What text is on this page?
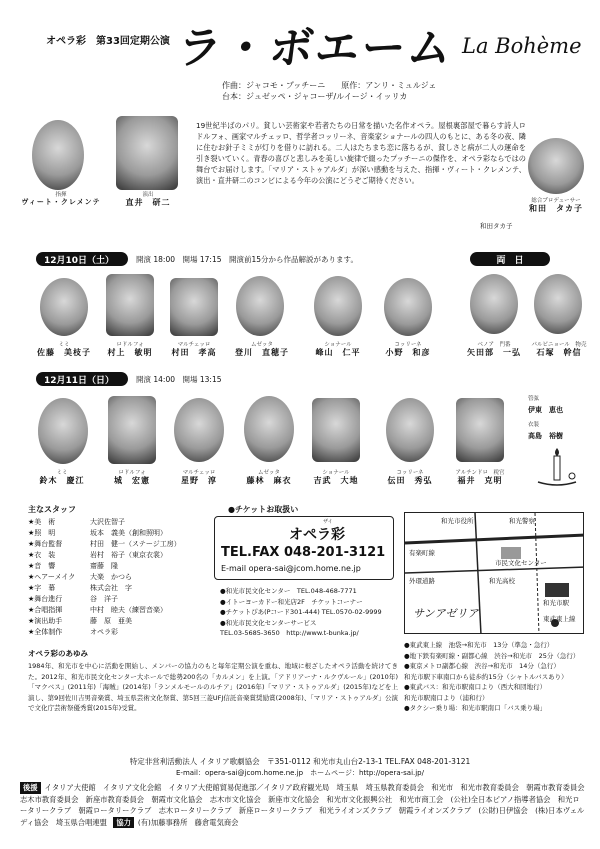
オペラ彩　第33回定期公演 ラ・ボエーム La Bohème
作曲：ジャコモ・プッチーニ　　原作：アンリ・ミュルジェ
台本：ジュゼッペ・ジャコーザ/ルイージ・イッリカ
指揮
ヴィート・クレメンテ
演出
直井　研二
19世紀半ばのパリ。貧しい芸術家や若者たちの日常を描いた名作オペラ。屋根裏部屋で暮らす詩人ロドルフォ、画家マルチェッロ、哲学者コッリーネ、音楽家ショナールの四人のもとに、ある冬の夜、隣に住むお針子ミミが灯りを借りに訪れる。二人はたちまち恋に落ちるが、貧しさと病が二人の運命を引き裂いていく。青春の喜びと悲しみを美しい旋律で綴ったプッチーニの傑作を、オペラ彩ならではの舞台でお届けします。「マリア・ストゥアルダ」が深い感動を与えた、指揮・ヴィート・クレメンテ、演出・直井研二のコンビによる今年の公演にどうぞご期待ください。
和田タカ子
総合プロデューサー
和田　タカ子
12月10日（土）	開演 18:00　開場 17:15　開演前15分から作品解説があります。	両　日
ミミ
佐藤　美枝子
ロドルフォ
村上　敏明
マルチェッロ
村田　孝高
ムゼッタ
登川　直穂子
ショナール
峰山　仁平
コッリーネ
小野　和彦
ベノア　門番
矢田部　一弘
パルピニョール　物売
石塚　幹信
12月11日（日）	開演 14:00　開場 13:15
ミミ
鈴木　慶江
ロドルフォ
城　宏憲
マルチェッロ
星野　淳
ムゼッタ
藤林　麻衣
ショナール
吉武　大地
コッリーネ
伝田　秀弘
アルチンドロ　税官
福井　克明
管弦
伊東　恵也
衣装
高島　裕樹
主なスタッフ
★美　術	大沢佐智子
★照　明	坂本　義美（創和照明）
★舞台監督	村田　健一（ステージ工房）
★衣　装	岩村　裕子（東京衣裳）
★音　響	齋藤　隆
★ヘアーメイク	大楽　かつら
★字　幕	株式会社　字
★舞台進行	谷　洋子
★合唱指揮	中村　睦夫（練習音楽）
★演出助手	藤　原　亜美
★全体制作	オペラ彩
●チケットお取扱い
ザイ
オペラ彩
TEL.FAX 048-201-3121
E-mail opera-sai@jcom.home.ne.jp
●和光市民文化センター　TEL.048-468-7771
●イトーヨーカドー和光店2F　チケットコーナー
●チケットぴあ(Pコード301-444) TEL.0570-02-9999
●和光市民文化センターサービス
TEL.03-5685-3650　http://www.t-bunka.jp/
和光市役所	和光警察
市民文化センター
和光市駅
外環道路	和光高校
東武東上線
有楽町線
サンアゼリア
●東武東上線　池袋→和光市　13分（準急・急行）
●地下鉄有楽町線・副都心線　渋谷→和光市　25分（急行）
●東京メトロ副都心線　渋谷→和光市　14分（急行）
和光市駅下車南口から徒歩約15分（シャトルバスあり）
●東武バス：和光市駅南口より（西大和団地行）
和光市駅南口より（浦和行）
●タクシー乗り場：和光市駅南口「バス乗り場」
オペラ彩のあゆみ
1984年、和光市を中心に活動を開始し、メンバーの協力のもと毎年定期公演を重ね、地域に根ざしたオペラ活動を続けてきた。2012年、和光市民文化センター大ホールで総勢200名の「カルメン」を上演。「アドリアーナ・ルクヴルール」(2010年)「マクベス」(2011年)「海賊」(2014年)「ランメルモールのルチア」(2016年)「マリア・ストゥアルダ」(2015年)などを上演し、第9回佐川吉男音楽賞、埼玉県芸術文化祭賞、第5回三菱UFJ信託音楽賞奨励賞(2008年)、「マリア・ストゥアルダ」公演で文化庁芸術祭優秀賞(2015年)受賞。
特定非営利活動法人 イタリア歌劇協会　〒351-0112 和光市丸山台2-13-1 TEL.FAX 048-201-3121
E-mail：opera-sai@jcom.home.ne.jp　ホームページ：http://opera-sai.jp/
後援 イタリア大使館　イタリア文化会館　イタリア大使館貿易促進部／イタリア政府観光局　埼玉県　埼玉県教育委員会　和光市　和光市教育委員会　朝霞市教育委員会　志木市教育委員会　新座市教育委員会　朝霞市文化協会　志木市文化協会　新座市文化協会　和光市文化振興公社　和光市商工会　(公社)全日本ピアノ指導者協会　和光ロータリークラブ　朝霞ロータリークラブ　志木ロータリークラブ　新座ロータリークラブ　和光ライオンズクラブ　朝霞ライオンズクラブ　(公財)日伊協会　(株)日本ヴェルディ協会　埼玉県合唱連盟 協力 (有)加藤事務所　藤倉電気商会
